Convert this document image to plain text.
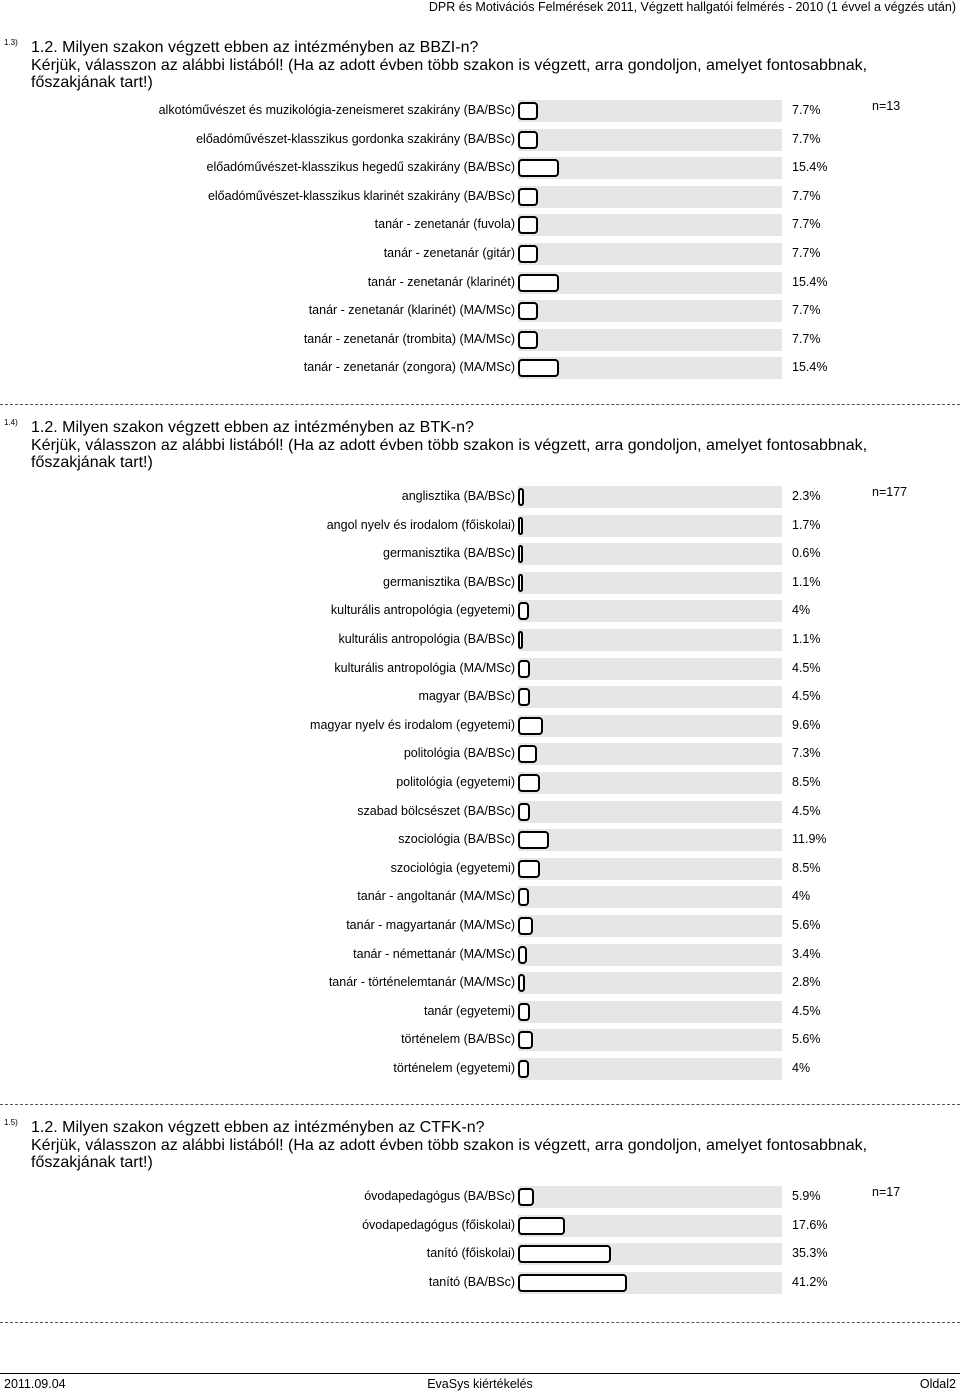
DPR és Motivációs Felmérések 2011, Végzett hallgatói felmérés - 2010 (1 évvel a végzés után)
1.3) 1.2. Milyen szakon végzett ebben az intézményben az BBZI-n?
Kérjük, válasszon az alábbi listából! (Ha az adott évben több szakon is végzett, arra gondoljon, amelyet fontosabbnak, főszakjának tart!)
n=13
alkotóművészet és muzikológia-zeneismeret szakirány (BA/BSc)	7.7%
előadóművészet-klasszikus gordonka szakirány (BA/BSc)	7.7%
előadóművészet-klasszikus hegedű szakirány (BA/BSc)	15.4%
előadóművészet-klasszikus klarinét szakirány (BA/BSc)	7.7%
tanár - zenetanár (fuvola)	7.7%
tanár - zenetanár (gitár)	7.7%
tanár - zenetanár (klarinét)	15.4%
tanár - zenetanár (klarinét) (MA/MSc)	7.7%
tanár - zenetanár (trombita) (MA/MSc)	7.7%
tanár - zenetanár (zongora) (MA/MSc)	15.4%
1.4) 1.2. Milyen szakon végzett ebben az intézményben az BTK-n?
Kérjük, válasszon az alábbi listából! (Ha az adott évben több szakon is végzett, arra gondoljon, amelyet fontosabbnak, főszakjának tart!)
n=177
anglisztika (BA/BSc)	2.3%
angol nyelv és irodalom (főiskolai)	1.7%
germanisztika (BA/BSc)	0.6%
germanisztika (BA/BSc)	1.1%
kulturális antropológia (egyetemi)	4%
kulturális antropológia (BA/BSc)	1.1%
kulturális antropológia (MA/MSc)	4.5%
magyar (BA/BSc)	4.5%
magyar nyelv és irodalom (egyetemi)	9.6%
politológia (BA/BSc)	7.3%
politológia (egyetemi)	8.5%
szabad bölcsészet (BA/BSc)	4.5%
szociológia (BA/BSc)	11.9%
szociológia (egyetemi)	8.5%
tanár - angoltanár (MA/MSc)	4%
tanár - magyartanár (MA/MSc)	5.6%
tanár - némettanár (MA/MSc)	3.4%
tanár - történelemtanár (MA/MSc)	2.8%
tanár (egyetemi)	4.5%
történelem (BA/BSc)	5.6%
történelem (egyetemi)	4%
1.5) 1.2. Milyen szakon végzett ebben az intézményben az CTFK-n?
Kérjük, válasszon az alábbi listából! (Ha az adott évben több szakon is végzett, arra gondoljon, amelyet fontosabbnak, főszakjának tart!)
n=17
óvodapedagógus (BA/BSc)	5.9%
óvodapedagógus (főiskolai)	17.6%
tanító (főiskolai)	35.3%
tanító (BA/BSc)	41.2%
2011.09.04	EvaSys kiértékelés	Oldal2
